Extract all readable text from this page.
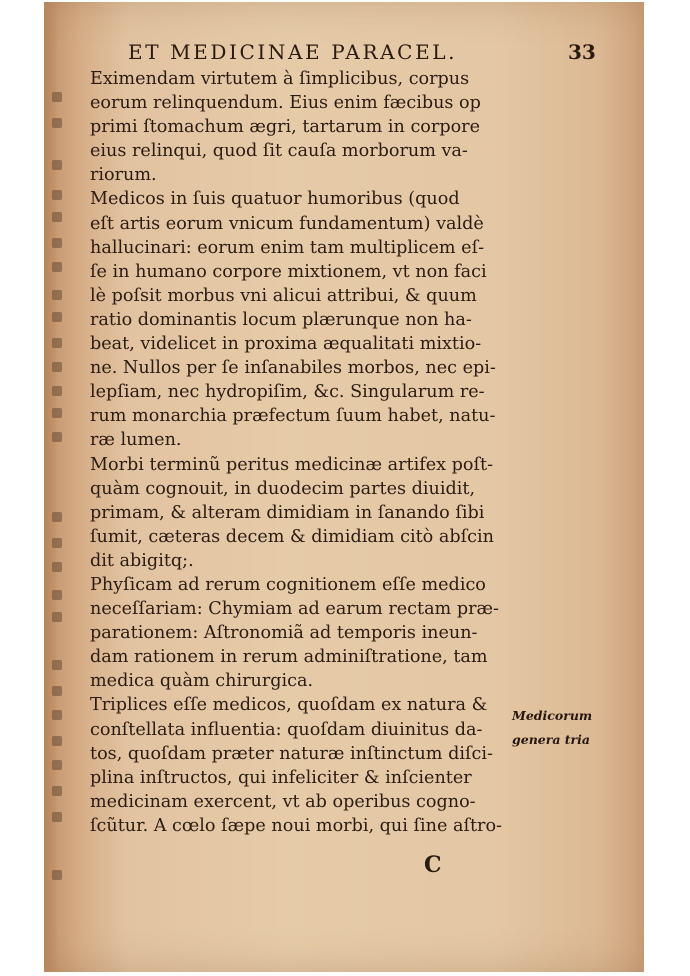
ET MEDICINAE PARACEL.	33
Eximendam virtutem à ſimplicibus, corpus
eorum relinquendum. Eius enim fæcibus op
primi ſtomachum ægri, tartarum in corpore
eius relinqui, quod ſit cauſa morborum va-
riorum.
Medicos in ſuis quatuor humoribus (quod
eſt artis eorum vnicum fundamentum) valdè
hallucinari: eorum enim tam multiplicem eſ-
ſe in humano corpore mixtionem, vt non faci
lè poſsit morbus vni alicui attribui, & quum
ratio dominantis locum plærunque non ha-
beat, videlicet in proxima æqualitati mixtio-
ne. Nullos per ſe inſanabiles morbos, nec epi-
lepſiam, nec hydropiſim, &c. Singularum re-
rum monarchia præfectum ſuum habet, natu-
ræ lumen.
Morbi terminũ peritus medicinæ artifex poſt-
quàm cognouit, in duodecim partes diuidit,
primam, & alteram dimidiam in ſanando ſibi
ſumit, cæteras decem & dimidiam citò abſcin
dit abigitq;.
Phyſicam ad rerum cognitionem eſſe medico
neceſſariam: Chymiam ad earum rectam præ-
parationem: Aſtronomiã ad temporis ineun-
dam rationem in rerum adminiſtratione, tam
medica quàm chirurgica.
Triplices eſſe medicos, quoſdam ex natura &
conſtellata influentia: quoſdam diuinitus da-
tos, quoſdam præter naturæ inſtinctum diſci-
plina inſtructos, qui infeliciter & inſcienter
medicinam exercent, vt ab operibus cogno-
ſcũtur. A cœlo ſæpe noui morbi, qui ſine aſtro-
Medicorum
genera tria
C
